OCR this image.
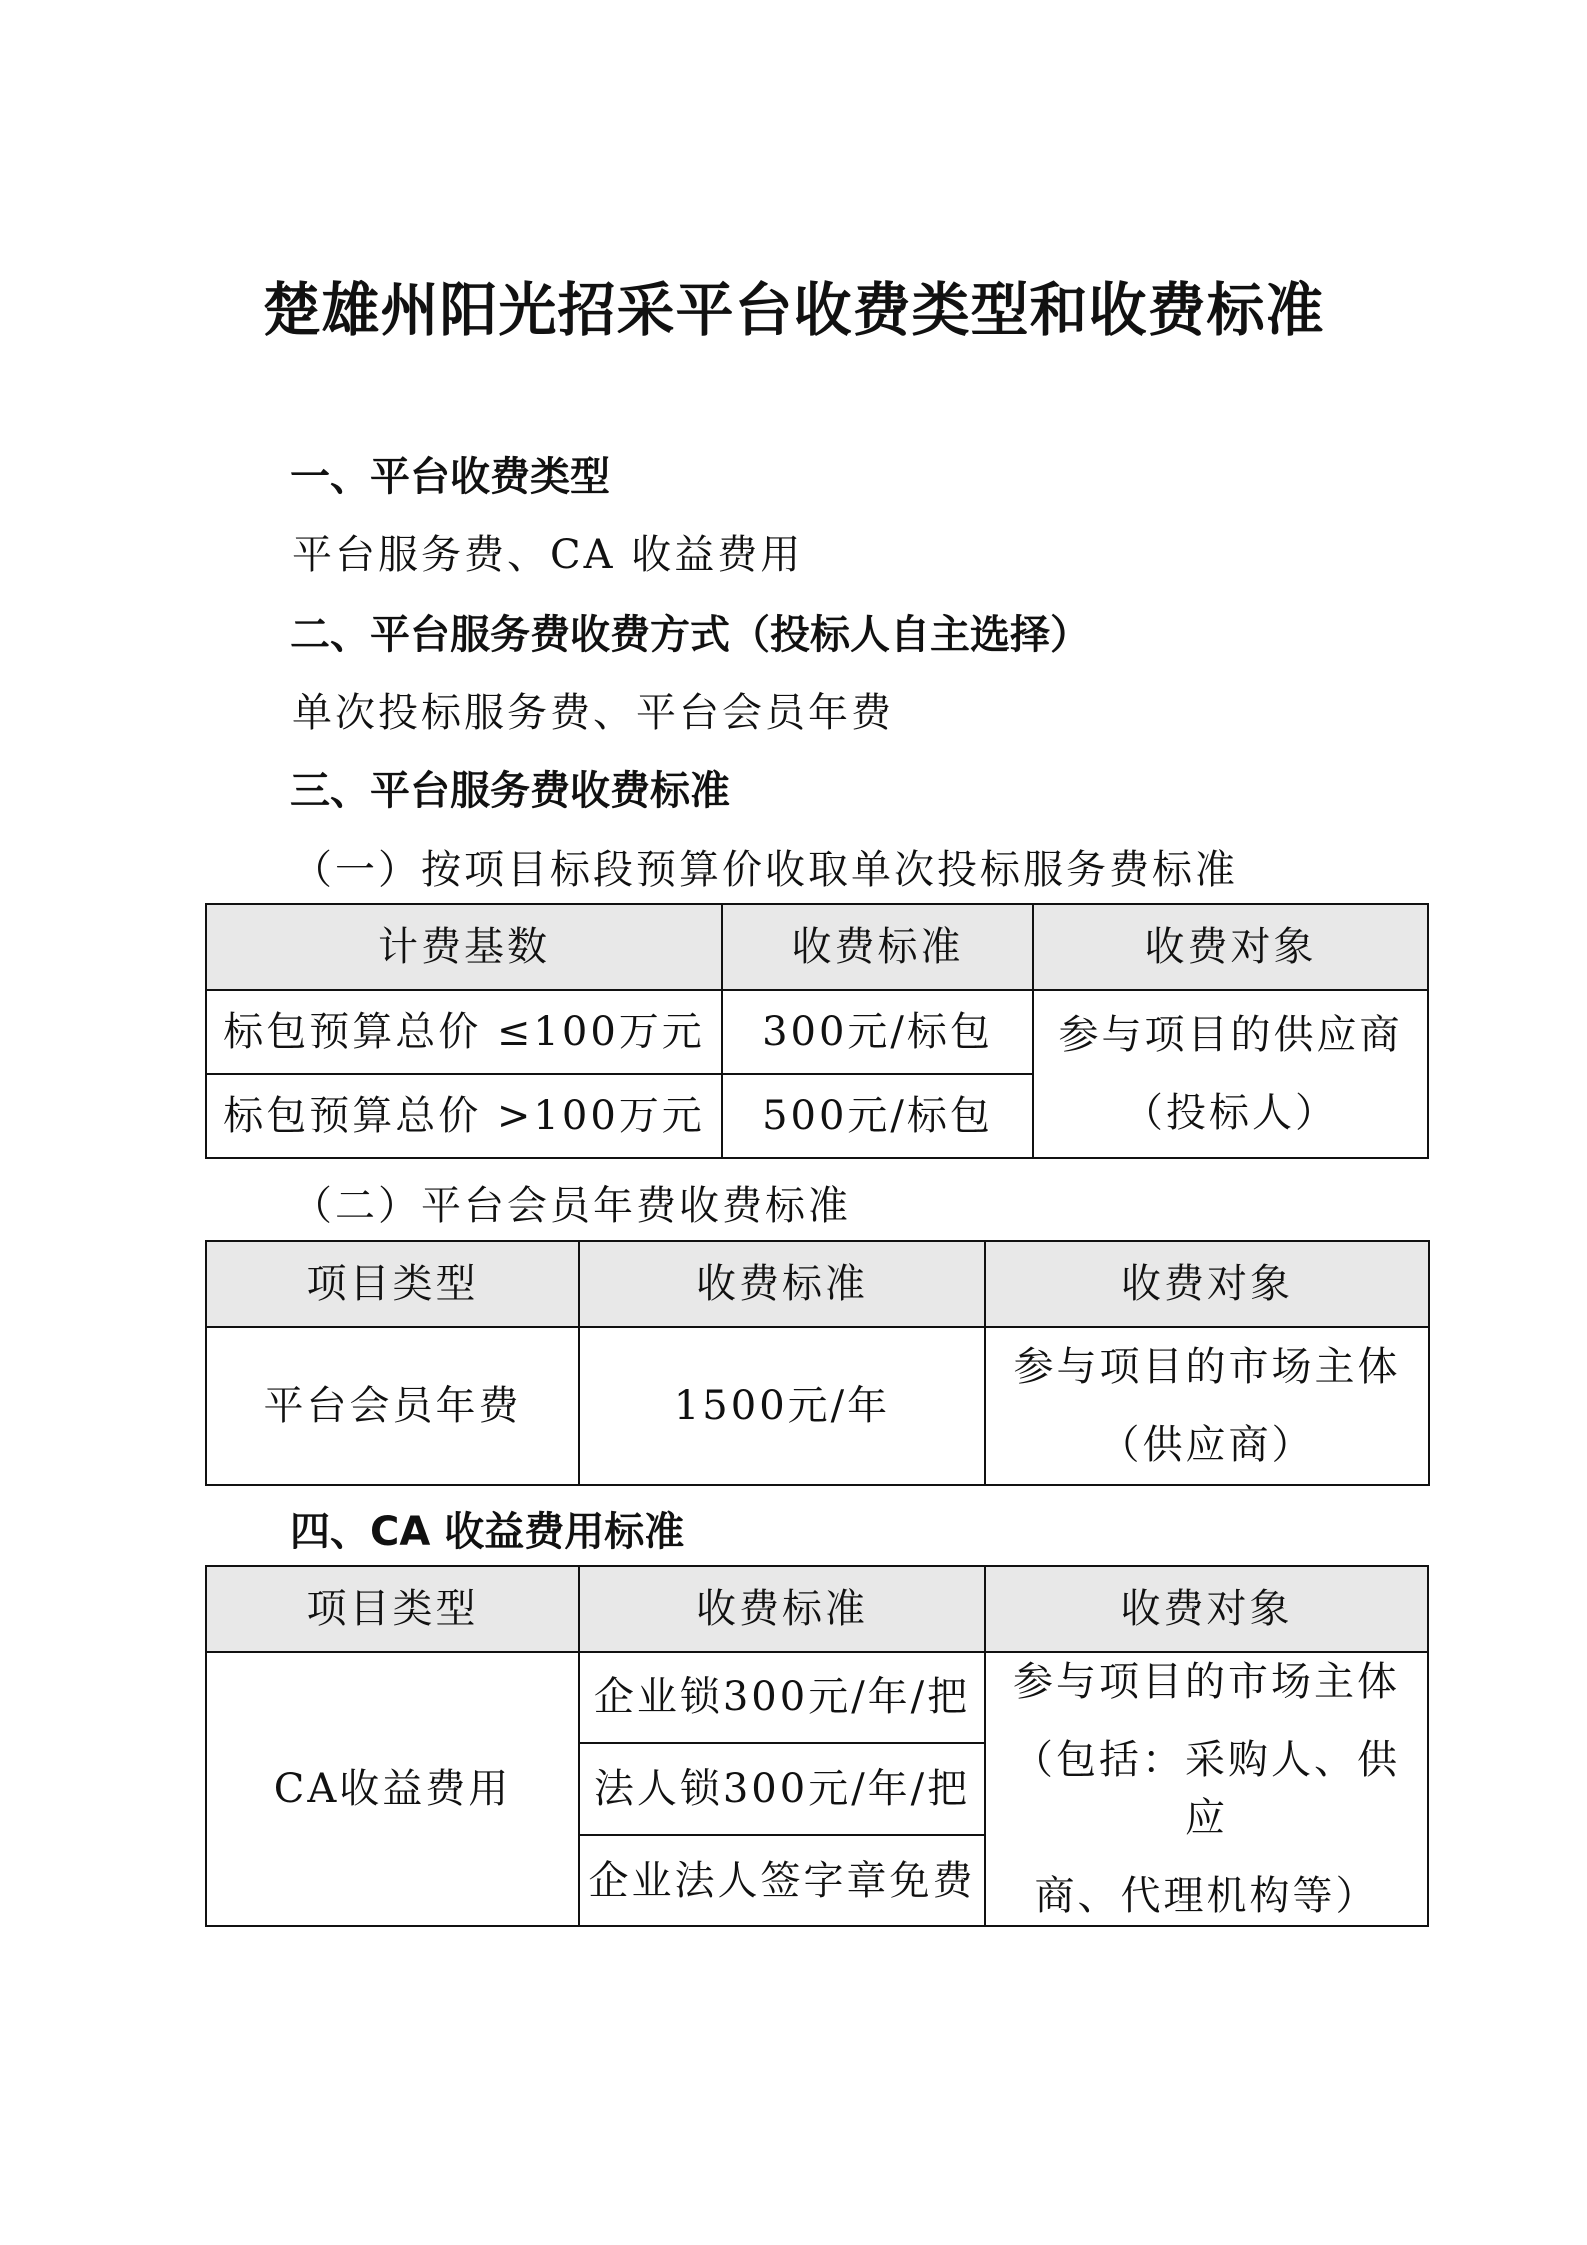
楚雄州阳光招采平台收费类型和收费标准
一、平台收费类型
平台服务费、CA 收益费用
二、平台服务费收费方式（投标人自主选择）
单次投标服务费、平台会员年费
三、平台服务费收费标准
（一）按项目标段预算价收取单次投标服务费标准
计费基数	收费标准	收费对象
标包预算总价 ≤100万元	300元/标包	参与项目的供应商
（投标人）

标包预算总价 >100万元	500元/标包	
（二）平台会员年费收费标准
项目类型	收费标准	收费对象
平台会员年费	1500元/年	参与项目的市场主体
（供应商）
四、CA 收益费用标准
项目类型	收费标准	收费对象
CA收益费用	企业锁300元/年/把	参与项目的市场主体
（包括：采购人、供应
商、代理机构等）

	法人锁300元/年/把	
	企业法人签字章免费	
